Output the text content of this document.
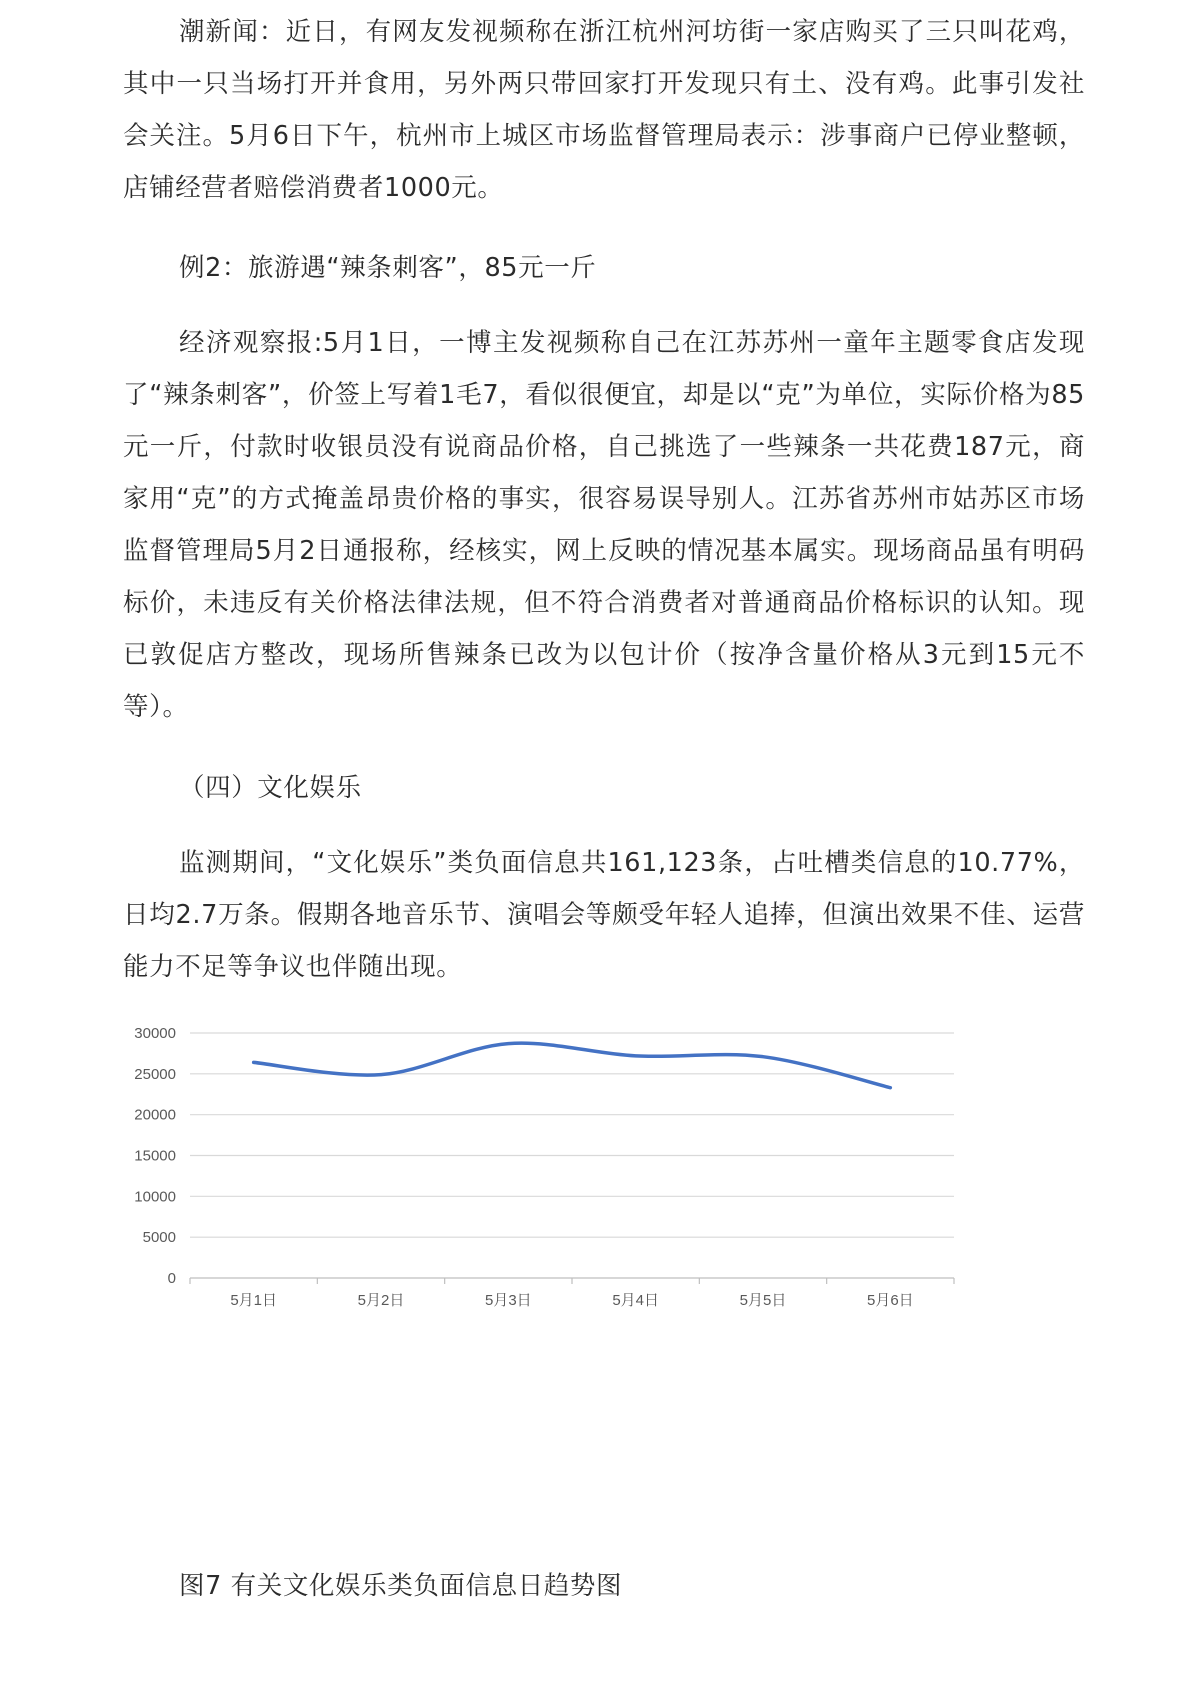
潮新闻：近日，有网友发视频称在浙江杭州河坊街一家店购买了三只叫花鸡，其中一只当场打开并食用，另外两只带回家打开发现只有土、没有鸡。此事引发社会关注。5月6日下午，杭州市上城区市场监督管理局表示：涉事商户已停业整顿，店铺经营者赔偿消费者1000元。

例2：旅游遇“辣条刺客”，85元一斤

经济观察报:5月1日，一博主发视频称自己在江苏苏州一童年主题零食店发现了“辣条刺客”，价签上写着1毛7，看似很便宜，却是以“克”为单位，实际价格为85元一斤，付款时收银员没有说商品价格，自己挑选了一些辣条一共花费187元，商家用“克”的方式掩盖昂贵价格的事实，很容易误导别人。江苏省苏州市姑苏区市场监督管理局5月2日通报称，经核实，网上反映的情况基本属实。现场商品虽有明码标价，未违反有关价格法律法规，但不符合消费者对普通商品价格标识的认知。现已敦促店方整改，现场所售辣条已改为以包计价（按净含量价格从3元到15元不等）。

（四）文化娱乐

监测期间，“文化娱乐”类负面信息共161,123条，占吐槽类信息的10.77%，日均2.7万条。假期各地音乐节、演唱会等颇受年轻人追捧，但演出效果不佳、运营能力不足等争议也伴随出现。

0
5000
10000
15000
20000
25000
30000
5月1日	5月2日	5月3日	5月4日	5月5日	5月6日

图7 有关文化娱乐类负面信息日趋势图
